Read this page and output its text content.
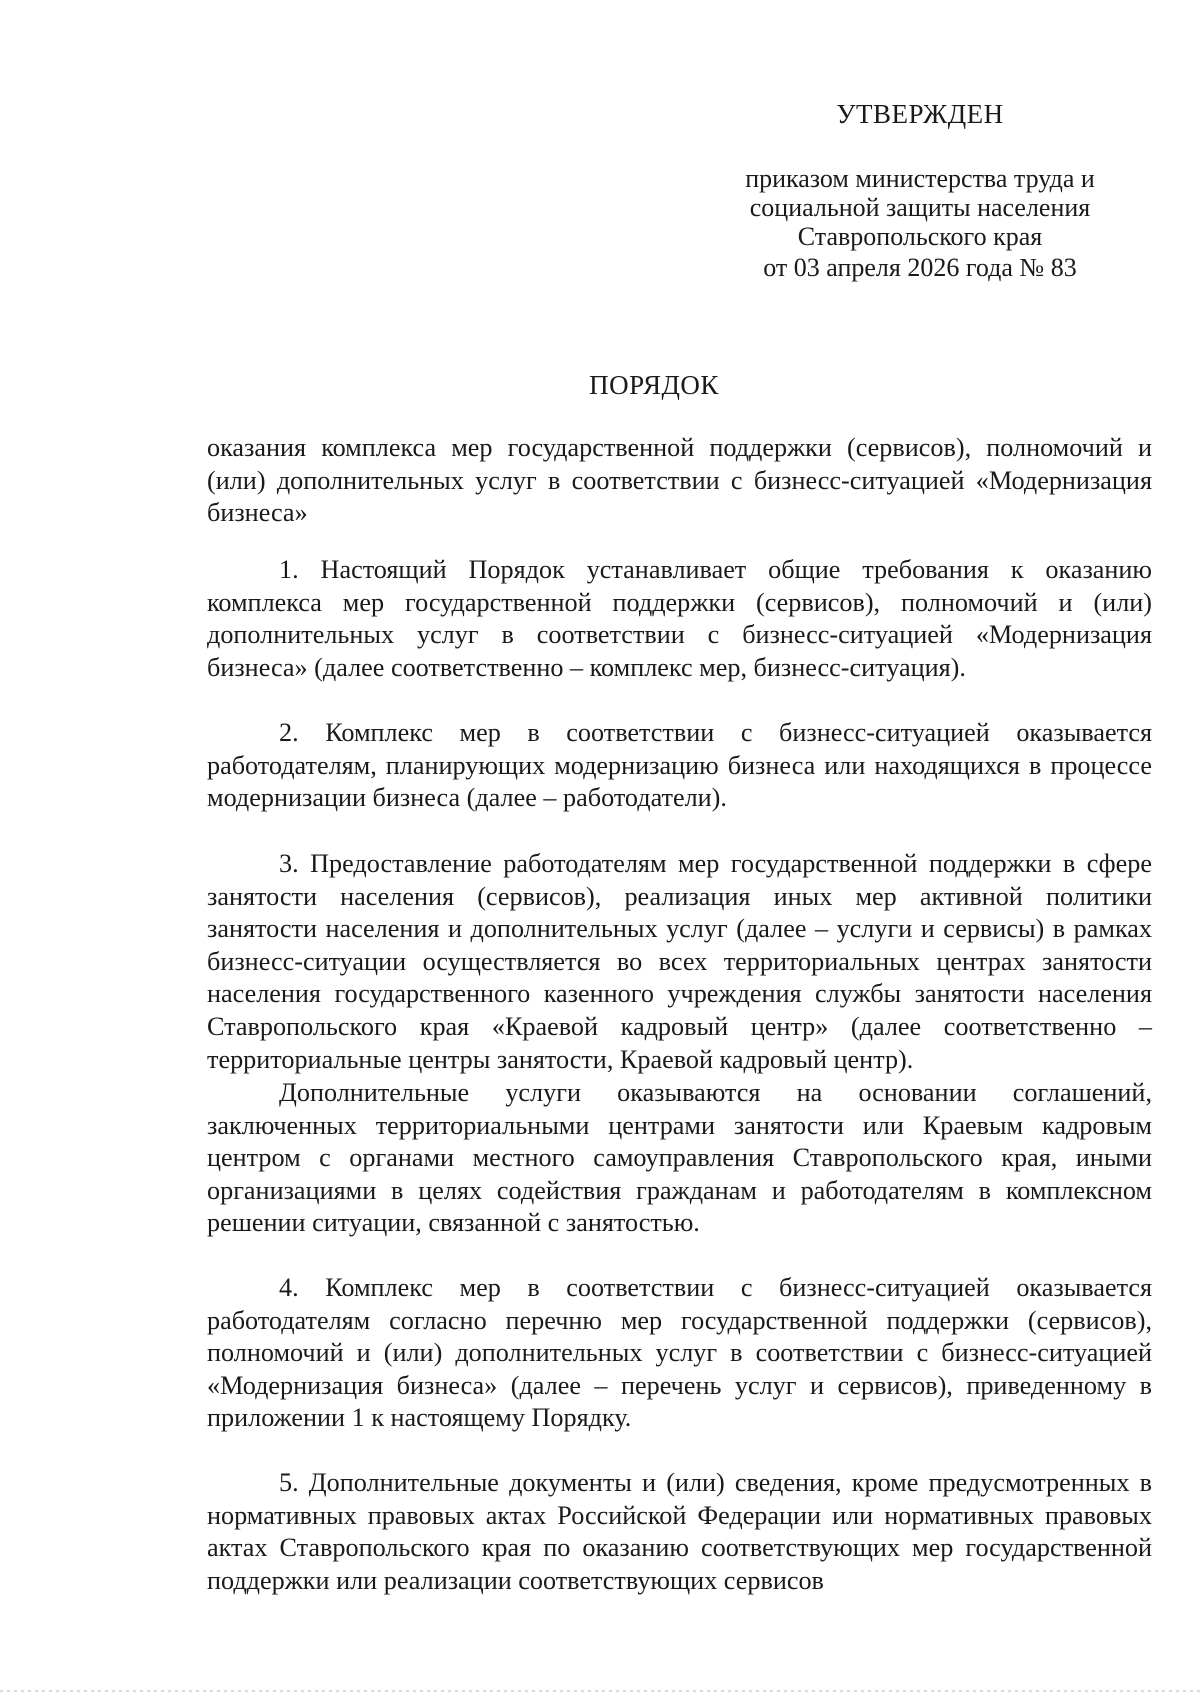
УТВЕРЖДЕН
приказом министерства труда и
социальной защиты населения
Ставропольского края
от 03 апреля 2026 года № 83
ПОРЯДОК
оказания комплекса мер государственной поддержки (сервисов), полномочий и (или) дополнительных услуг в соответствии с бизнесс-ситуацией «Модернизация бизнеса»
1. Настоящий Порядок устанавливает общие требования к оказанию комплекса мер государственной поддержки (сервисов), полномочий и (или) дополнительных услуг в соответствии с бизнесс-ситуацией «Модернизация бизнеса» (далее соответственно – комплекс мер, бизнесс-ситуация).
2. Комплекс мер в соответствии с бизнесс-ситуацией оказывается работодателям, планирующих модернизацию бизнеса или находящихся в процессе модернизации бизнеса (далее – работодатели).
3. Предоставление работодателям мер государственной поддержки в сфере занятости населения (сервисов), реализация иных мер активной политики занятости населения и дополнительных услуг (далее – услуги и сервисы) в рамках бизнесс-ситуации осуществляется во всех территориальных центрах занятости населения государственного казенного учреждения службы занятости населения Ставропольского края «Краевой кадровый центр» (далее соответственно – территориальные центры занятости, Краевой кадровый центр).
Дополнительные услуги оказываются на основании соглашений, заключенных территориальными центрами занятости или Краевым кадровым центром с органами местного самоуправления Ставропольского края, иными организациями в целях содействия гражданам и работодателям в комплексном решении ситуации, связанной с занятостью.
4. Комплекс мер в соответствии с бизнесс-ситуацией оказывается работодателям согласно перечню мер государственной поддержки (сервисов), полномочий и (или) дополнительных услуг в соответствии с бизнесс-ситуацией «Модернизация бизнеса» (далее – перечень услуг и сервисов), приведенному в приложении 1 к настоящему Порядку.
5. Дополнительные документы и (или) сведения, кроме предусмотренных в нормативных правовых актах Российской Федерации или нормативных правовых актах Ставропольского края по оказанию соответствующих мер государственной поддержки или реализации соответствующих сервисов
